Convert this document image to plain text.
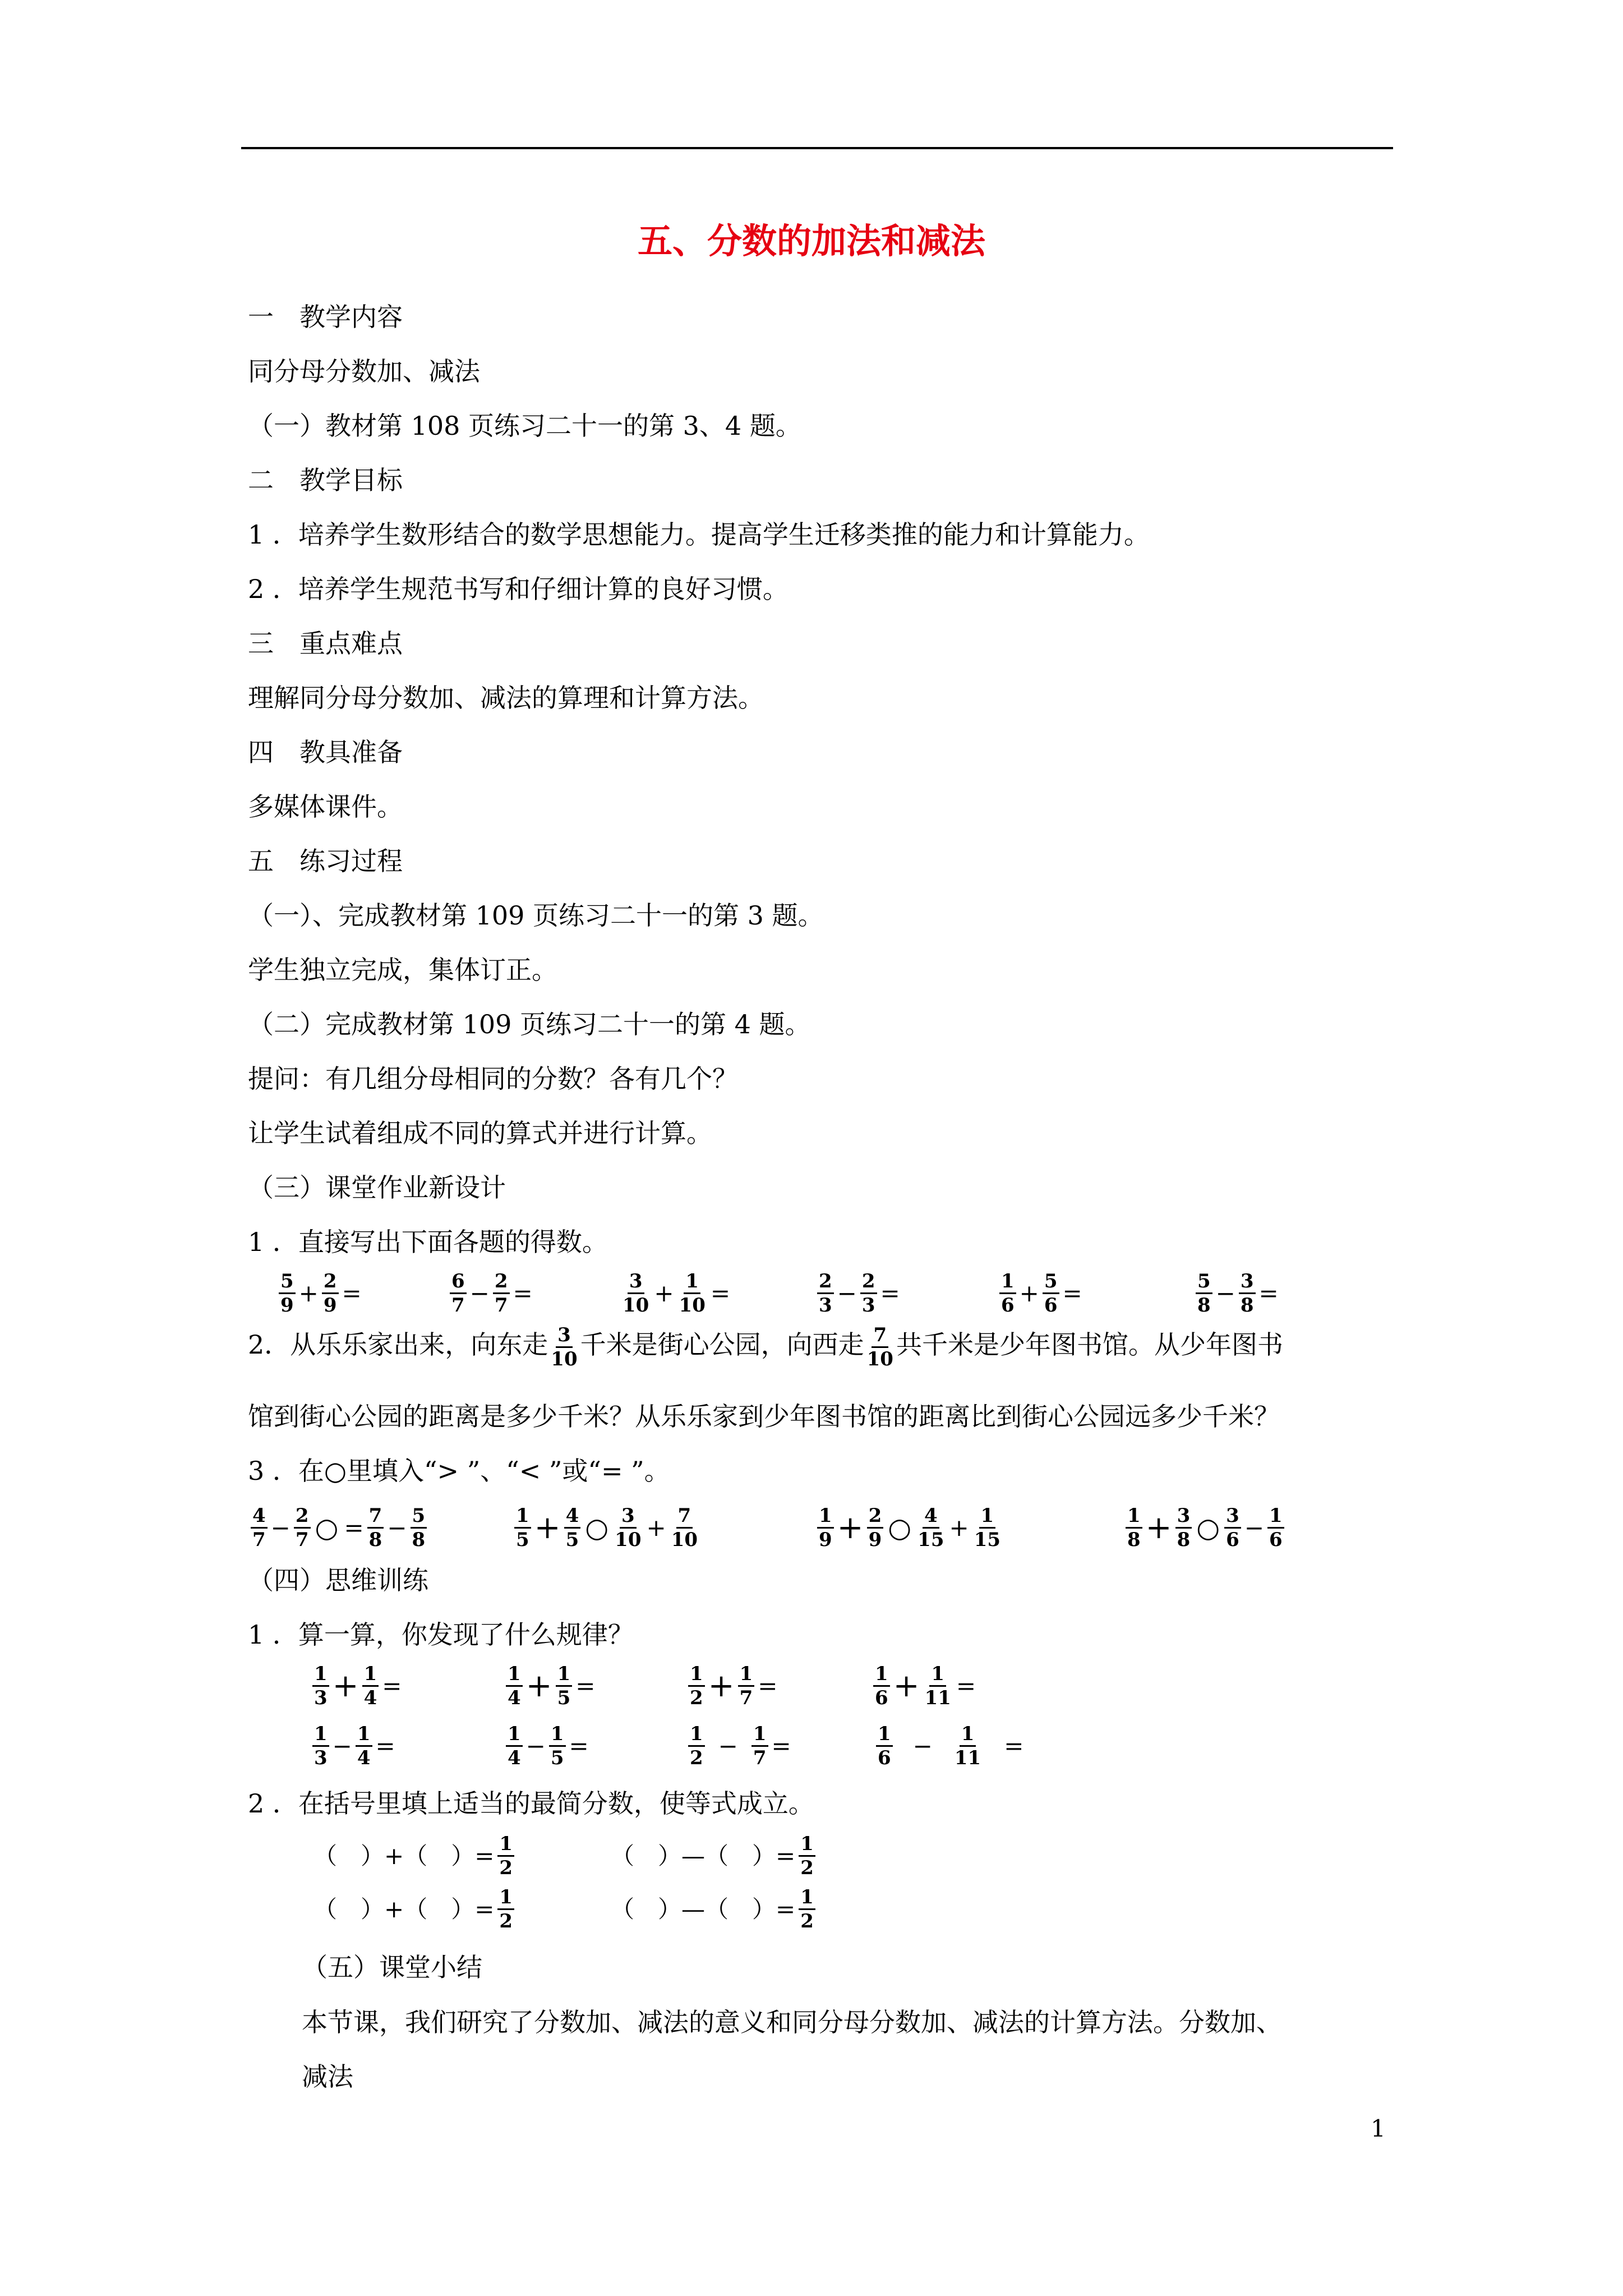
五、分数的加法和减法
一　教学内容
同分母分数加、减法
（一）教材第 108 页练习二十一的第 3、4 题。
二　教学目标
1 ．培养学生数形结合的数学思想能力。提高学生迁移类推的能力和计算能力。
2 ．培养学生规范书写和仔细计算的良好习惯。
三　重点难点
理解同分母分数加、减法的算理和计算方法。
四　教具准备
多媒体课件。
五　练习过程
（一）、完成教材第 109 页练习二十一的第 3 题。
学生独立完成，集体订正。
（二）完成教材第 109 页练习二十一的第 4 题。
提问：有几组分母相同的分数？各有几个？
让学生试着组成不同的算式并进行计算。
（三）课堂作业新设计
1 ．直接写出下面各题的得数。
$\frac{5}{9} + \frac{2}{9}$ =	$\frac{6}{7} - \frac{2}{7}$ =	$\frac{3}{10} + \frac{1}{10}$ =	$\frac{2}{3} - \frac{2}{3}$ =	$\frac{1}{6} + \frac{5}{6}$ =	$\frac{5}{8} - \frac{3}{8}$ =
2．从乐乐家出来，向东走 $\frac{3}{10}$ 千米是街心公园，向西走 $\frac{7}{10}$ 共千米是少年图书馆。从少年图书
馆到街心公园的距离是多少千米？从乐乐家到少年图书馆的距离比到街心公园远多少千米？
3 ．在○里填入“> ”、“< ”或“= ”。
$\frac{4}{7} - \frac{2}{7}$ ○ = $\frac{7}{8} - \frac{5}{8}$	$\frac{1}{5} + \frac{4}{5}$ ○ $\frac{3}{10} + \frac{7}{10}$	$\frac{1}{9} + \frac{2}{9}$ ○ $\frac{4}{15} + \frac{1}{15}$	$\frac{1}{8} + \frac{3}{8}$ ○ $\frac{3}{6} - \frac{1}{6}$
（四）思维训练
1 ．算一算，你发现了什么规律？
$\frac{1}{3} + \frac{1}{4}$ =	$\frac{1}{4} + \frac{1}{5}$ =	$\frac{1}{2} + \frac{1}{7}$ =	$\frac{1}{6} + \frac{1}{11}$ =
$\frac{1}{3} - \frac{1}{4}$ =	$\frac{1}{4} - \frac{1}{5}$ =	$\frac{1}{2} - \frac{1}{7}$ =	$\frac{1}{6} - \frac{1}{11}$ =
2 ．在括号里填上适当的最简分数，使等式成立。
（　）+（　）= $\frac{1}{2}$	（　）—（　）= $\frac{1}{2}$
（　）+（　）= $\frac{1}{2}$	（　）—（　）= $\frac{1}{2}$
（五）课堂小结
本节课，我们研究了分数加、减法的意义和同分母分数加、减法的计算方法。分数加、
减法
1
